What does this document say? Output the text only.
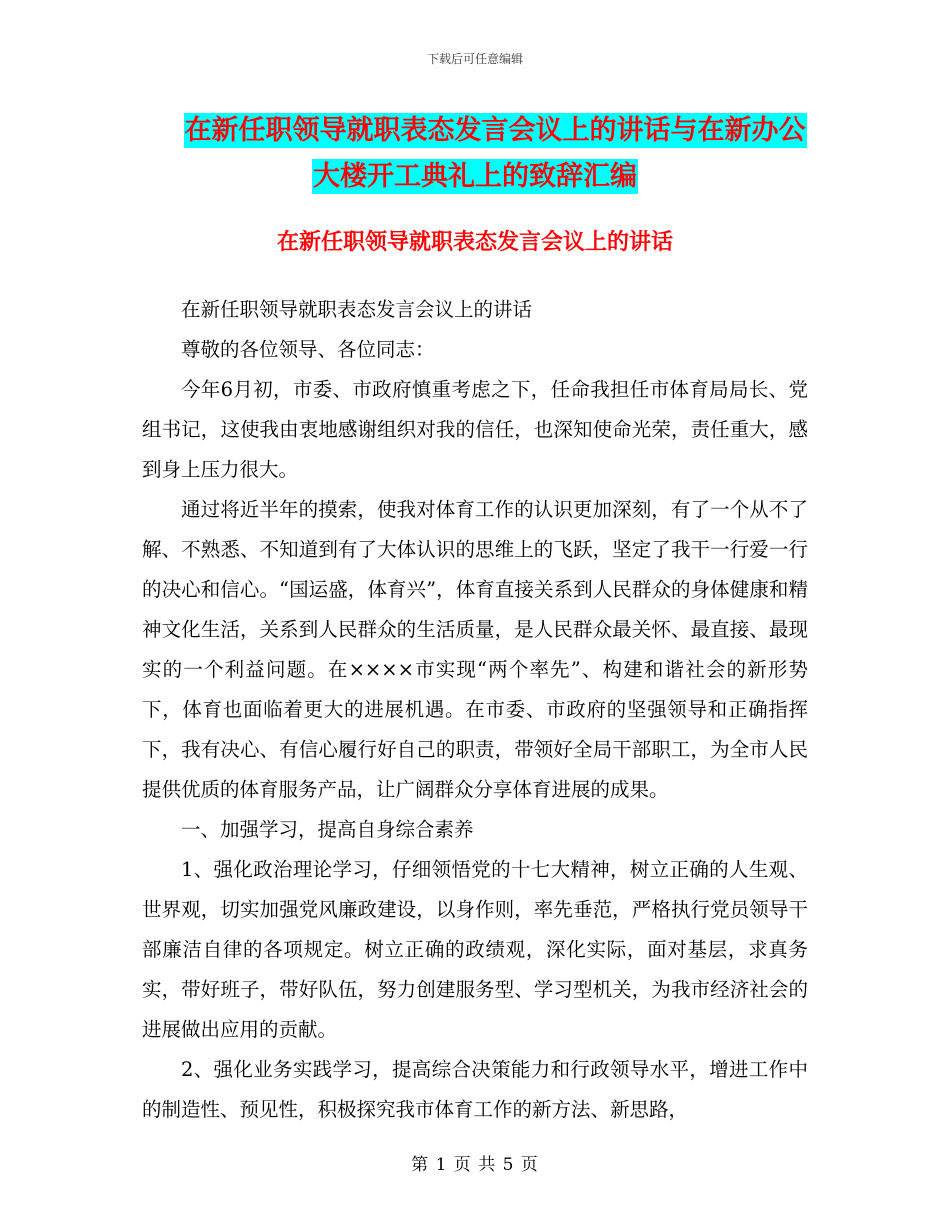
下载后可任意编辑
在新任职领导就职表态发言会议上的讲话与在新办公
大楼开工典礼上的致辞汇编
在新任职领导就职表态发言会议上的讲话

在新任职领导就职表态发言会议上的讲话

尊敬的各位领导、各位同志：

今年6月初，市委、市政府慎重考虑之下，任命我担任市体育局局长、党组书记，这使我由衷地感谢组织对我的信任，也深知使命光荣，责任重大，感到身上压力很大。

通过将近半年的摸索，使我对体育工作的认识更加深刻，有了一个从不了解、不熟悉、不知道到有了大体认识的思维上的飞跃，坚定了我干一行爱一行的决心和信心。“国运盛，体育兴”，体育直接关系到人民群众的身体健康和精神文化生活，关系到人民群众的生活质量，是人民群众最关怀、最直接、最现实的一个利益问题。在××××市实现“两个率先”、构建和谐社会的新形势下，体育也面临着更大的进展机遇。在市委、市政府的坚强领导和正确指挥下，我有决心、有信心履行好自己的职责，带领好全局干部职工，为全市人民提供优质的体育服务产品，让广阔群众分享体育进展的成果。

一、加强学习，提高自身综合素养

1、强化政治理论学习，仔细领悟党的十七大精神，树立正确的人生观、世界观，切实加强党风廉政建设，以身作则，率先垂范，严格执行党员领导干部廉洁自律的各项规定。树立正确的政绩观，深化实际，面对基层，求真务实，带好班子，带好队伍，努力创建服务型、学习型机关，为我市经济社会的进展做出应用的贡献。

2、强化业务实践学习，提高综合决策能力和行政领导水平，增进工作中的制造性、预见性，积极探究我市体育工作的新方法、新思路，

第 1 页 共 5 页
